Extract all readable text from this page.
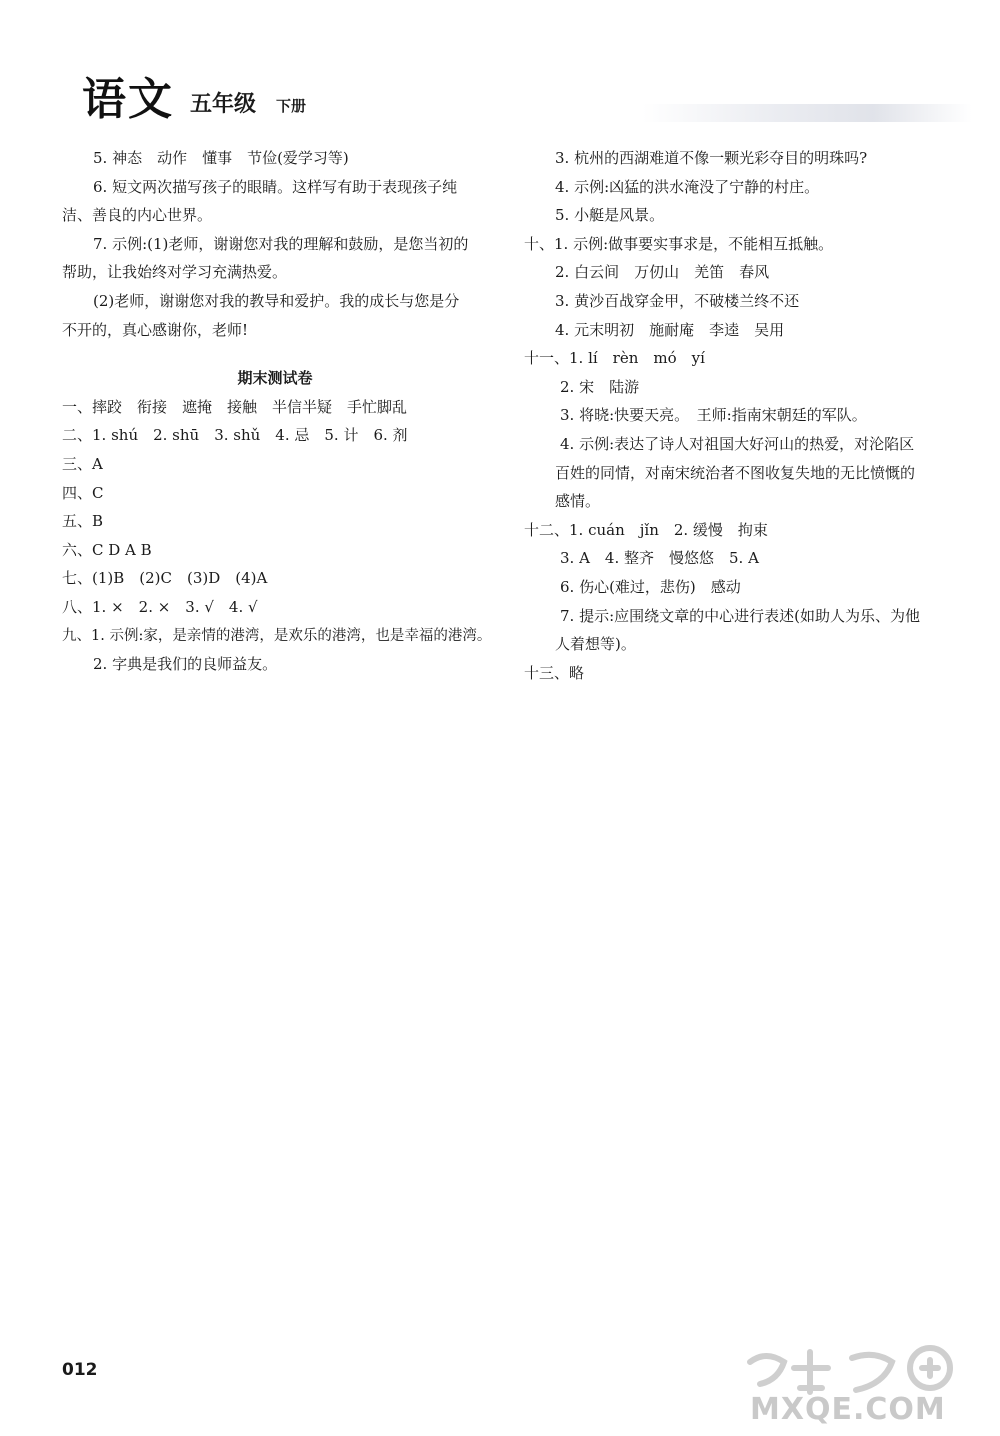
语文 五年级 下册
5. 神态　动作　懂事　节俭(爱学习等)
6. 短文两次描写孩子的眼睛。这样写有助于表现孩子纯
洁、善良的内心世界。
7. 示例:(1)老师，谢谢您对我的理解和鼓励，是您当初的
帮助，让我始终对学习充满热爱。
(2)老师，谢谢您对我的教导和爱护。我的成长与您是分
不开的，真心感谢你，老师!
期末测试卷
一、摔跤　衔接　遮掩　接触　半信半疑　手忙脚乱
二、1. shú　2. shū　3. shǔ　4. 忌　5. 计　6. 剂
三、A
四、C
五、B
六、C D A B
七、(1)B　(2)C　(3)D　(4)A
八、1. ×　2. ×　3. √　4. √
九、1. 示例:家，是亲情的港湾，是欢乐的港湾，也是幸福的港湾。
2. 字典是我们的良师益友。
3. 杭州的西湖难道不像一颗光彩夺目的明珠吗?
4. 示例:凶猛的洪水淹没了宁静的村庄。
5. 小艇是风景。
十、1. 示例:做事要实事求是，不能相互抵触。
2. 白云间　万仞山　羌笛　春风
3. 黄沙百战穿金甲，不破楼兰终不还
4. 元末明初　施耐庵　李逵　吴用
十一、1. lí　rèn　mó　yí
2. 宋　陆游
3. 将晓:快要天亮。　王师:指南宋朝廷的军队。
4. 示例:表达了诗人对祖国大好河山的热爱，对沦陷区
百姓的同情，对南宋统治者不图收复失地的无比愤慨的
感情。
十二、1. cuán　jǐn　2. 缓慢　拘束
3. A　4. 整齐　慢悠悠　5. A
6. 伤心(难过，悲伤)　感动
7. 提示:应围绕文章的中心进行表述(如助人为乐、为他
人着想等)。
十三、略
012
MXQE.COM
